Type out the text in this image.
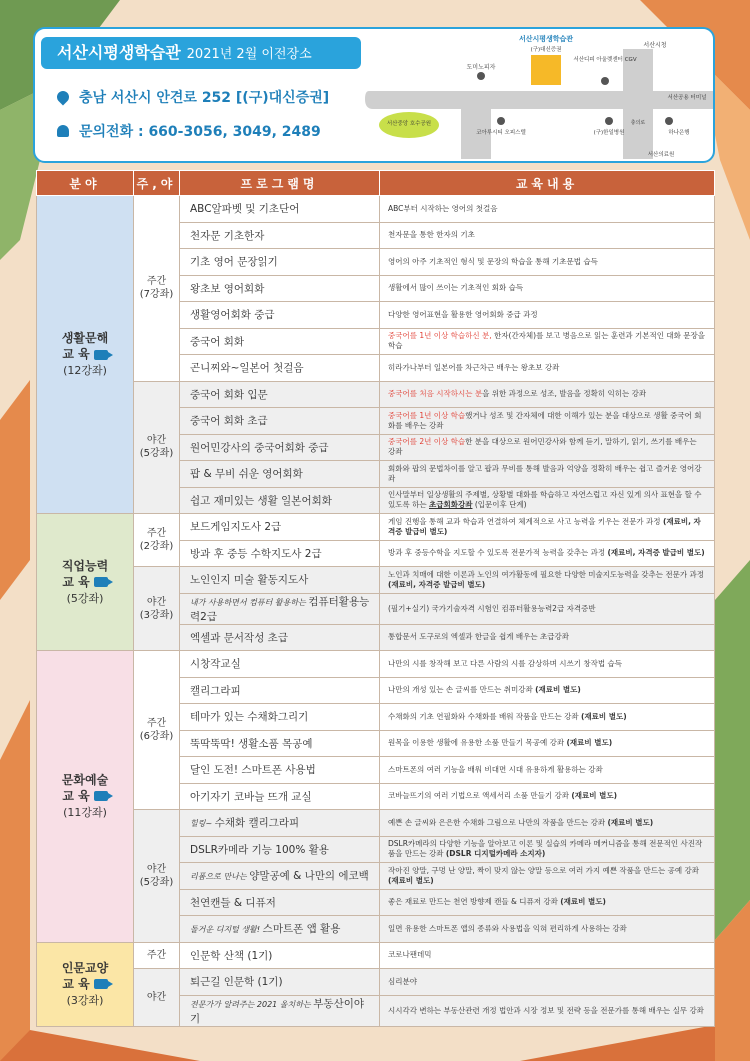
서산시평생학습관 2021년 2월 이전장소
충남 서산시 안견로 252 [(구)대신증권]
문의전화 : 660-3056, 3049, 2489
도미노피자
서산시평생학습관
(구)대신증권
서산디피 아울렛센터 CGV
서산시청
서산공용 터미널
서산중앙 호수공원
코아루시티 오피스텔	(구)한일병원
충의로
하나은행
서산의료원
분야	주,야	프로그램명	교육내용
생활문해
교 육
(12강좌)	주간
(7강좌)	ABC알파벳 및 기초단어	ABC부터 시작하는 영어의 첫걸음
		천자문 기초한자	천자문을 통한 한자의 기초
		기초 영어 문장읽기	영어의 아주 기초적인 형식 및 문장의 학습을 통해 기초문법 습득
		왕초보 영어회화	생활에서 많이 쓰이는 기초적인 회화 습득
		생활영어회화 중급	다양한 영어표현을 활용한 영어회화 중급 과정
		중국어 회화	중국어를 1년 이상 학습하신 분, 한자(간자체)를 보고 병음으로 읽는 훈련과 기본적인 대화 문장을 학습
		곤니찌와~일본어 첫걸음	히라가나부터 일본어를 차근차근 배우는 왕초보 강좌
	야간
(5강좌)	중국어 회화 입문	중국어를 처음 시작하시는 분을 위한 과정으로 성조, 발음을 정확히 익히는 강좌
		중국어 회화 초급	중국어를 1년 이상 학습했거나 성조 및 간자체에 대한 이해가 있는 분을 대상으로 생활 중국어 회화를 배우는 강좌
		원어민강사의 중국어회화 중급	중국어를 2년 이상 학습한 분을 대상으로 원어민강사와 함께 듣기, 말하기, 읽기, 쓰기를 배우는 강좌
		팝 & 무비 쉬운 영어회화	회화와 팝의 문법차이를 알고 팝과 무비를 통해 발음과 억양을 정확히 배우는 쉽고 즐거운 영어강좌
		쉽고 재미있는 생활 일본어회화	인사말부터 일상생활의 주제별, 상황별 대화를 학습하고 자연스럽고 자신 있게 의사 표현을 할 수 있도록 하는 초급회화강좌 (입문이후 단계)
직업능력
교 육
(5강좌)	주간
(2강좌)	보드게임지도사 2급	게임 진행을 통해 교과 학습과 연결하여 체계적으로 사고 능력을 키우는 전문가 과정 (재료비, 자격증 발급비 별도)
		방과 후 중등 수학지도사 2급	방과 후 중등수학을 지도할 수 있도록 전문가적 능력을 갖추는 과정 (재료비, 자격증 발급비 별도)
	야간
(3강좌)	노인인지 미술 활동지도사	노인과 치매에 대한 이론과 노인의 여가활동에 필요한 다양한 미술지도능력을 갖추는 전문가 과정 (재료비, 자격증 발급비 별도)
		내가 사용하면서 컴퓨터 활용하는 컴퓨터활용능력2급	(필기+실기) 국가기술자격 시험인 컴퓨터활용능력2급 자격증반
		엑셀과 문서작성 초급	통합문서 도구로의 엑셀과 한글을 쉽게 배우는 초급강좌
문화예술
교 육
(11강좌)	주간
(6강좌)	시창작교실	나만의 시를 창작해 보고 다른 사람의 시를 감상하며 시쓰기 창작법 습득
		캘리그라피	나만의 개성 있는 손 글씨를 만드는 취미강좌 (재료비 별도)
		테마가 있는 수채화그리기	수채화의 기초 연필화와 수채화를 배워 작품을 만드는 강좌 (재료비 별도)
		뚝딱뚝딱! 생활소품 목공예	원목을 이용한 생활에 유용한 소품 만들기 목공예 강좌 (재료비 별도)
		달인 도전! 스마트폰 사용법	스마트폰의 여러 기능을 배워 비대면 시대 유용하게 활용하는 강좌
		아기자기 코바늘 뜨개 교실	코바늘뜨기의 여러 기법으로 액세서리 소품 만들기 강좌 (재료비 별도)
	야간
(5강좌)	힐링~ 수채화 캘리그라피	예쁜 손 글씨와 은은한 수채화 그림으로 나만의 작품을 만드는 강좌 (재료비 별도)
		DSLR카메라 기능 100% 활용	DSLR카메라의 다양한 기능을 알아보고 이론 및 실습의 카메라 메커니즘을 통해 전문적인 사진작품을 만드는 강좌 (DSLR 디지털카메라 소지자)
		리폼으로 만나는 양말공예 & 나만의 에코백	작아진 양말, 구멍 난 양말, 짝이 맞지 않는 양말 등으로 여러 가지 예쁜 작품을 만드는 공예 강좌 (재료비 별도)
		천연캔들 & 디퓨저	좋은 재료로 만드는 천연 방향제 캔들 & 디퓨저 강좌 (재료비 별도)
		돌거운 디지털 생활! 스마트폰 앱 활용	일면 유용한 스마트폰 앱의 종류와 사용법을 익혀 편리하게 사용하는 강좌
인문교양
교 육
(3강좌)	주간	인문학 산책 (1기)	코로나팬데믹
	야간	퇴근길 인문학 (1기)	심리분야
		전문가가 알려주는 2021 올치하는 부동산이야기	시시각각 변하는 부동산관련 개정 법안과 시장 정보 및 전략 등을 전문가를 통해 배우는 실무 강좌
